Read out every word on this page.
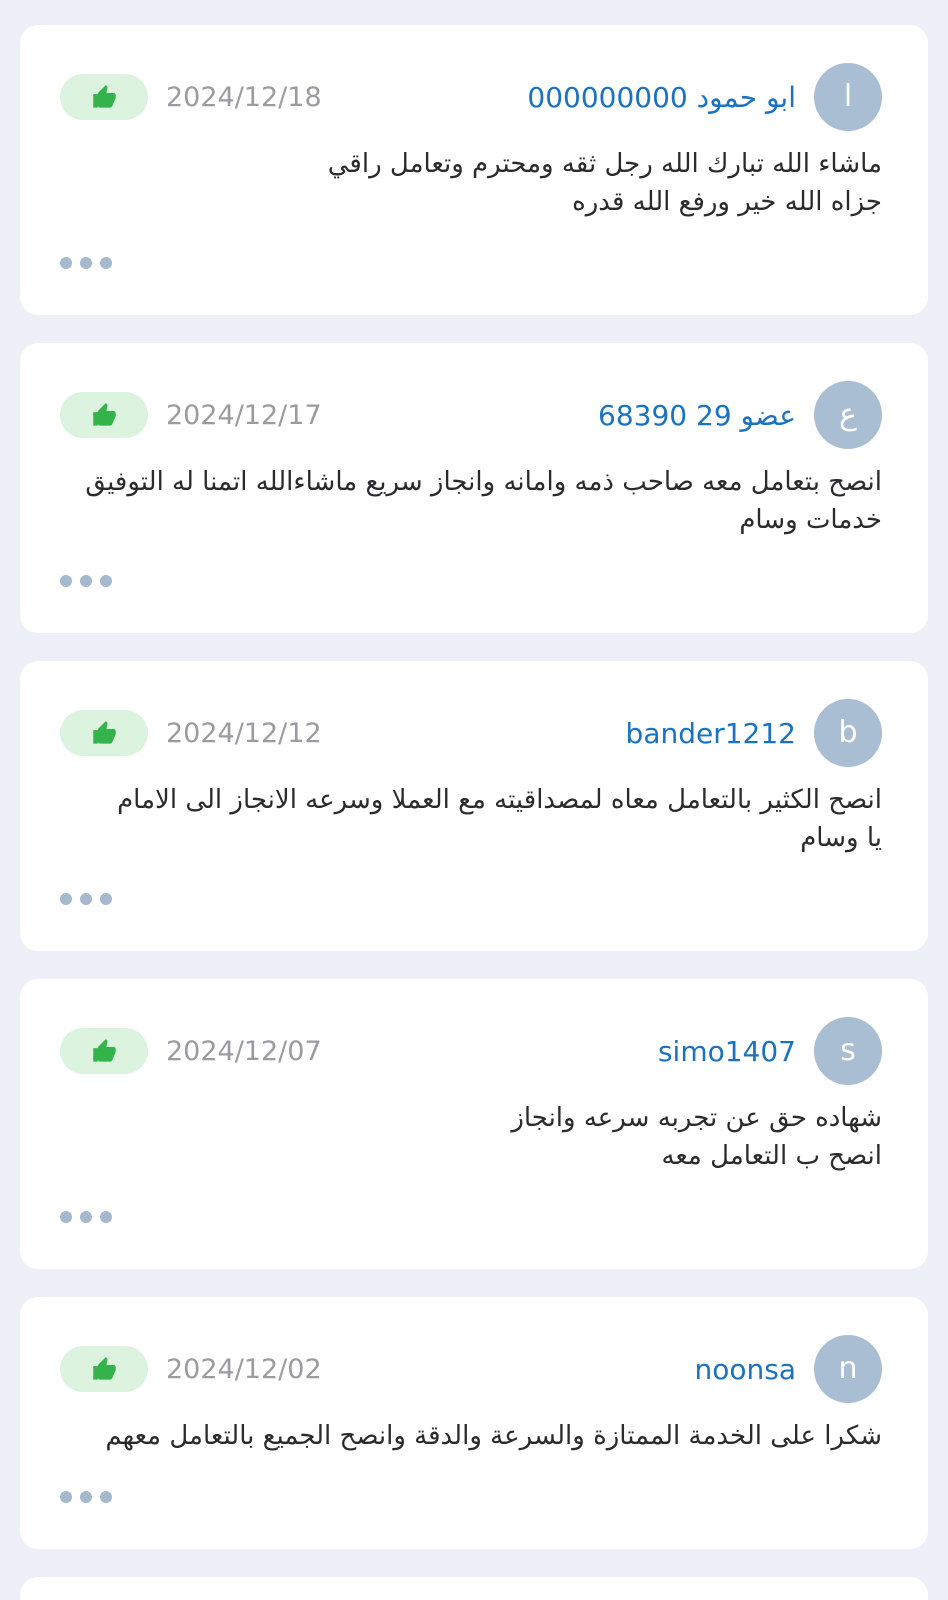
ا
ابو حمود 000000000
2024/12/18
ماشاء الله تبارك الله رجل ثقه ومحترم وتعامل راقي
جزاه الله خير ورفع الله قدره
ع
عضو 29 68390
2024/12/17
انصح بتعامل معه صاحب ذمه وامانه وانجاز سريع ماشاءالله اتمنا له التوفيق
خدمات وسام
b
bander1212
2024/12/12
انصح الكثير بالتعامل معاه لمصداقيته مع العملا وسرعه الانجاز الى الامام
يا وسام
s
simo1407
2024/12/07
شهاده حق عن تجربه سرعه وانجاز
انصح ب التعامل معه
n
noonsa
2024/12/02
شكرا على الخدمة الممتازة والسرعة والدقة وانصح الجميع بالتعامل معهم
